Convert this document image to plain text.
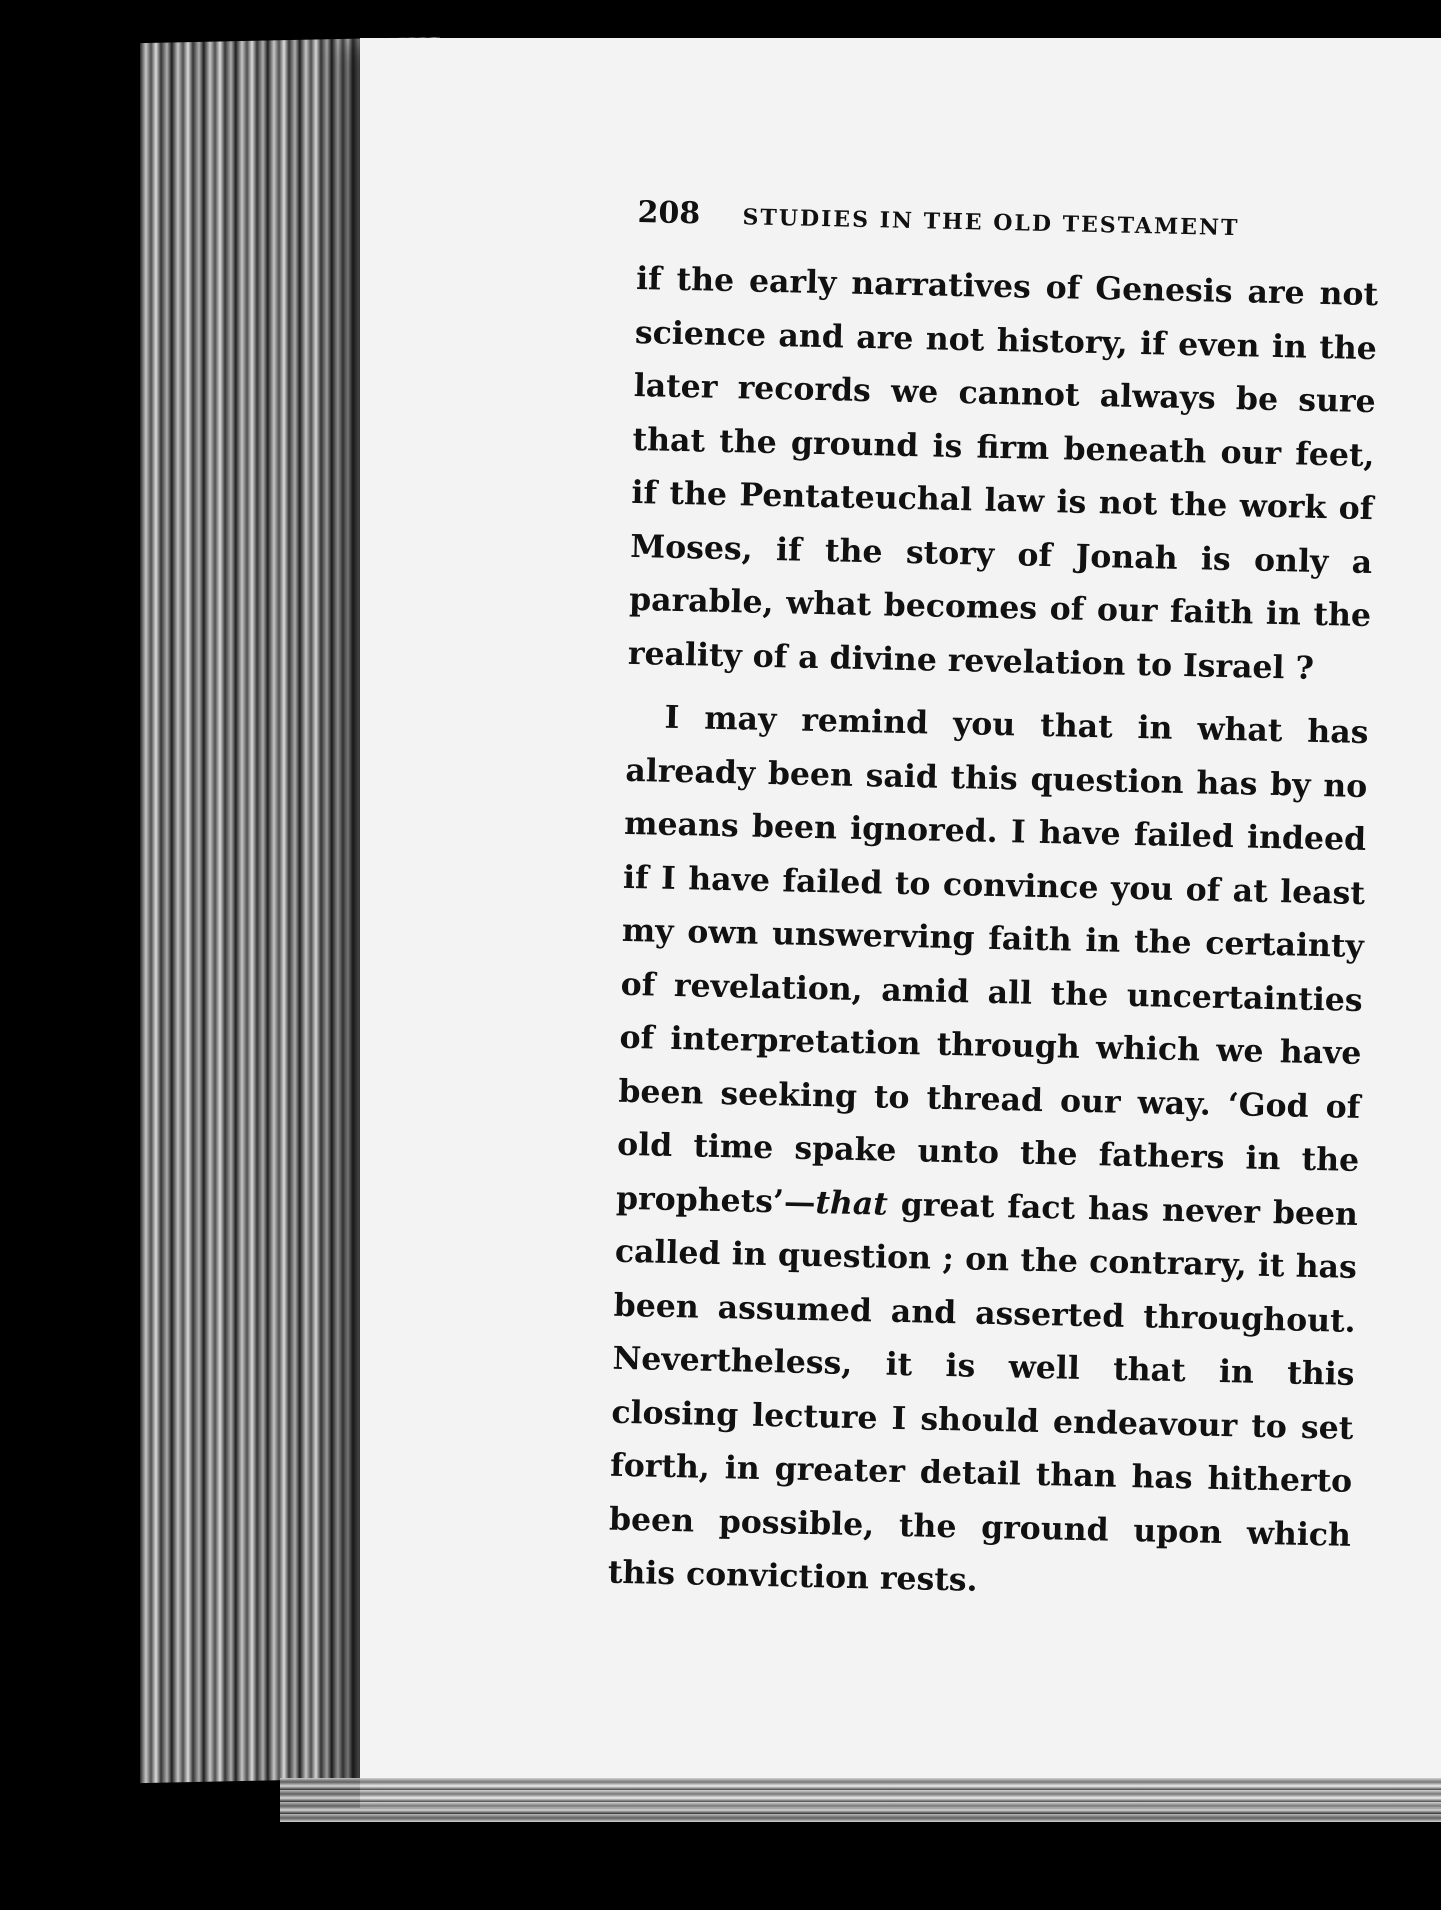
208	STUDIES IN THE OLD TESTAMENT

if the early narratives of Genesis are not science and are not history, if even in the later records we cannot always be sure that the ground is firm beneath our feet, if the Pentateuchal law is not the work of Moses, if the story of Jonah is only a parable, what becomes of our faith in the reality of a divine revelation to Israel ?

I may remind you that in what has already been said this question has by no means been ignored. I have failed indeed if I have failed to convince you of at least my own unswerving faith in the certainty of revelation, amid all the uncertainties of interpretation through which we have been seeking to thread our way. ‘God of old time spake unto the fathers in the prophets’—that great fact has never been called in question ; on the contrary, it has been assumed and asserted throughout. Nevertheless, it is well that in this closing lecture I should endeavour to set forth, in greater detail than has hitherto been possible, the ground upon which this conviction rests.
